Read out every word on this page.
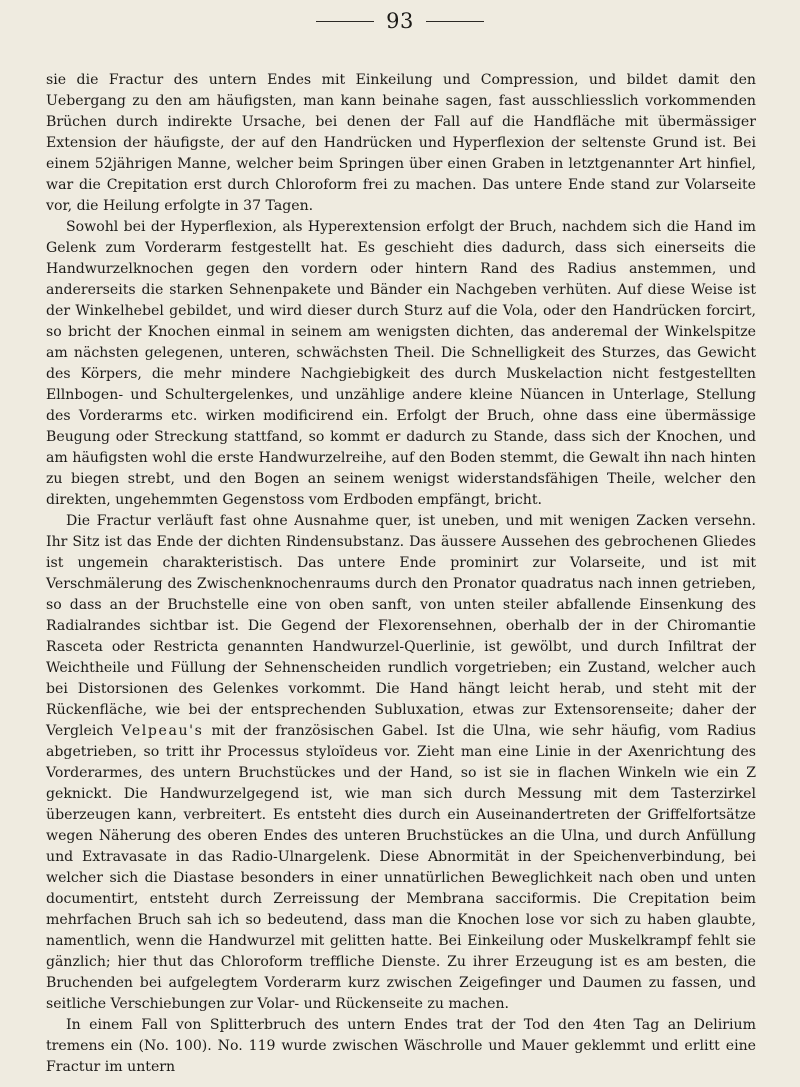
93

sie die Fractur des untern Endes mit Einkeilung und Compression, und bildet damit den Uebergang zu den am häufigsten, man kann beinahe sagen, fast ausschliesslich vorkommenden Brüchen durch indirekte Ursache, bei denen der Fall auf die Handfläche mit übermässiger Extension der häufigste, der auf den Handrücken und Hyperflexion der seltenste Grund ist. Bei einem 52jährigen Manne, welcher beim Springen über einen Graben in letztgenannter Art hinfiel, war die Crepitation erst durch Chloroform frei zu machen. Das untere Ende stand zur Volarseite vor, die Heilung erfolgte in 37 Tagen.

Sowohl bei der Hyperflexion, als Hyperextension erfolgt der Bruch, nachdem sich die Hand im Gelenk zum Vorderarm festgestellt hat. Es geschieht dies dadurch, dass sich einerseits die Handwurzelknochen gegen den vordern oder hintern Rand des Radius anstemmen, und andererseits die starken Sehnenpakete und Bänder ein Nachgeben verhüten. Auf diese Weise ist der Winkelhebel gebildet, und wird dieser durch Sturz auf die Vola, oder den Handrücken forcirt, so bricht der Knochen einmal in seinem am wenigsten dichten, das anderemal der Winkelspitze am nächsten gelegenen, unteren, schwächsten Theil. Die Schnelligkeit des Sturzes, das Gewicht des Körpers, die mehr mindere Nachgiebigkeit des durch Muskelaction nicht festgestellten Ellnbogen- und Schultergelenkes, und unzählige andere kleine Nüancen in Unterlage, Stellung des Vorderarms etc. wirken modificirend ein. Erfolgt der Bruch, ohne dass eine übermässige Beugung oder Streckung stattfand, so kommt er dadurch zu Stande, dass sich der Knochen, und am häufigsten wohl die erste Handwurzelreihe, auf den Boden stemmt, die Gewalt ihn nach hinten zu biegen strebt, und den Bogen an seinem wenigst widerstandsfähigen Theile, welcher den direkten, ungehemmten Gegenstoss vom Erdboden empfängt, bricht.

Die Fractur verläuft fast ohne Ausnahme quer, ist uneben, und mit wenigen Zacken versehn. Ihr Sitz ist das Ende der dichten Rindensubstanz. Das äussere Aussehen des gebrochenen Gliedes ist ungemein charakteristisch. Das untere Ende prominirt zur Volarseite, und ist mit Verschmälerung des Zwischenknochenraums durch den Pronator quadratus nach innen getrieben, so dass an der Bruchstelle eine von oben sanft, von unten steiler abfallende Einsenkung des Radialrandes sichtbar ist. Die Gegend der Flexorensehnen, oberhalb der in der Chiromantie Rasceta oder Restricta genannten Handwurzel-Querlinie, ist gewölbt, und durch Infiltrat der Weichtheile und Füllung der Sehnenscheiden rundlich vorgetrieben; ein Zustand, welcher auch bei Distorsionen des Gelenkes vorkommt. Die Hand hängt leicht herab, und steht mit der Rückenfläche, wie bei der entsprechenden Subluxation, etwas zur Extensorenseite; daher der Vergleich Velpeau's mit der französischen Gabel. Ist die Ulna, wie sehr häufig, vom Radius abgetrieben, so tritt ihr Processus styloïdeus vor. Zieht man eine Linie in der Axenrichtung des Vorderarmes, des untern Bruchstückes und der Hand, so ist sie in flachen Winkeln wie ein Z geknickt. Die Handwurzelgegend ist, wie man sich durch Messung mit dem Tasterzirkel überzeugen kann, verbreitert. Es entsteht dies durch ein Auseinandertreten der Griffelfortsätze wegen Näherung des oberen Endes des unteren Bruchstückes an die Ulna, und durch Anfüllung und Extravasate in das Radio-Ulnargelenk. Diese Abnormität in der Speichenverbindung, bei welcher sich die Diastase besonders in einer unnatürlichen Beweglichkeit nach oben und unten documentirt, entsteht durch Zerreissung der Membrana sacciformis. Die Crepitation beim mehrfachen Bruch sah ich so bedeutend, dass man die Knochen lose vor sich zu haben glaubte, namentlich, wenn die Handwurzel mit gelitten hatte. Bei Einkeilung oder Muskelkrampf fehlt sie gänzlich; hier thut das Chloroform treffliche Dienste. Zu ihrer Erzeugung ist es am besten, die Bruchenden bei aufgelegtem Vorderarm kurz zwischen Zeigefinger und Daumen zu fassen, und seitliche Verschiebungen zur Volar- und Rückenseite zu machen.

In einem Fall von Splitterbruch des untern Endes trat der Tod den 4ten Tag an Delirium tremens ein (No. 100). No. 119 wurde zwischen Wäschrolle und Mauer geklemmt und erlitt eine Fractur im untern
